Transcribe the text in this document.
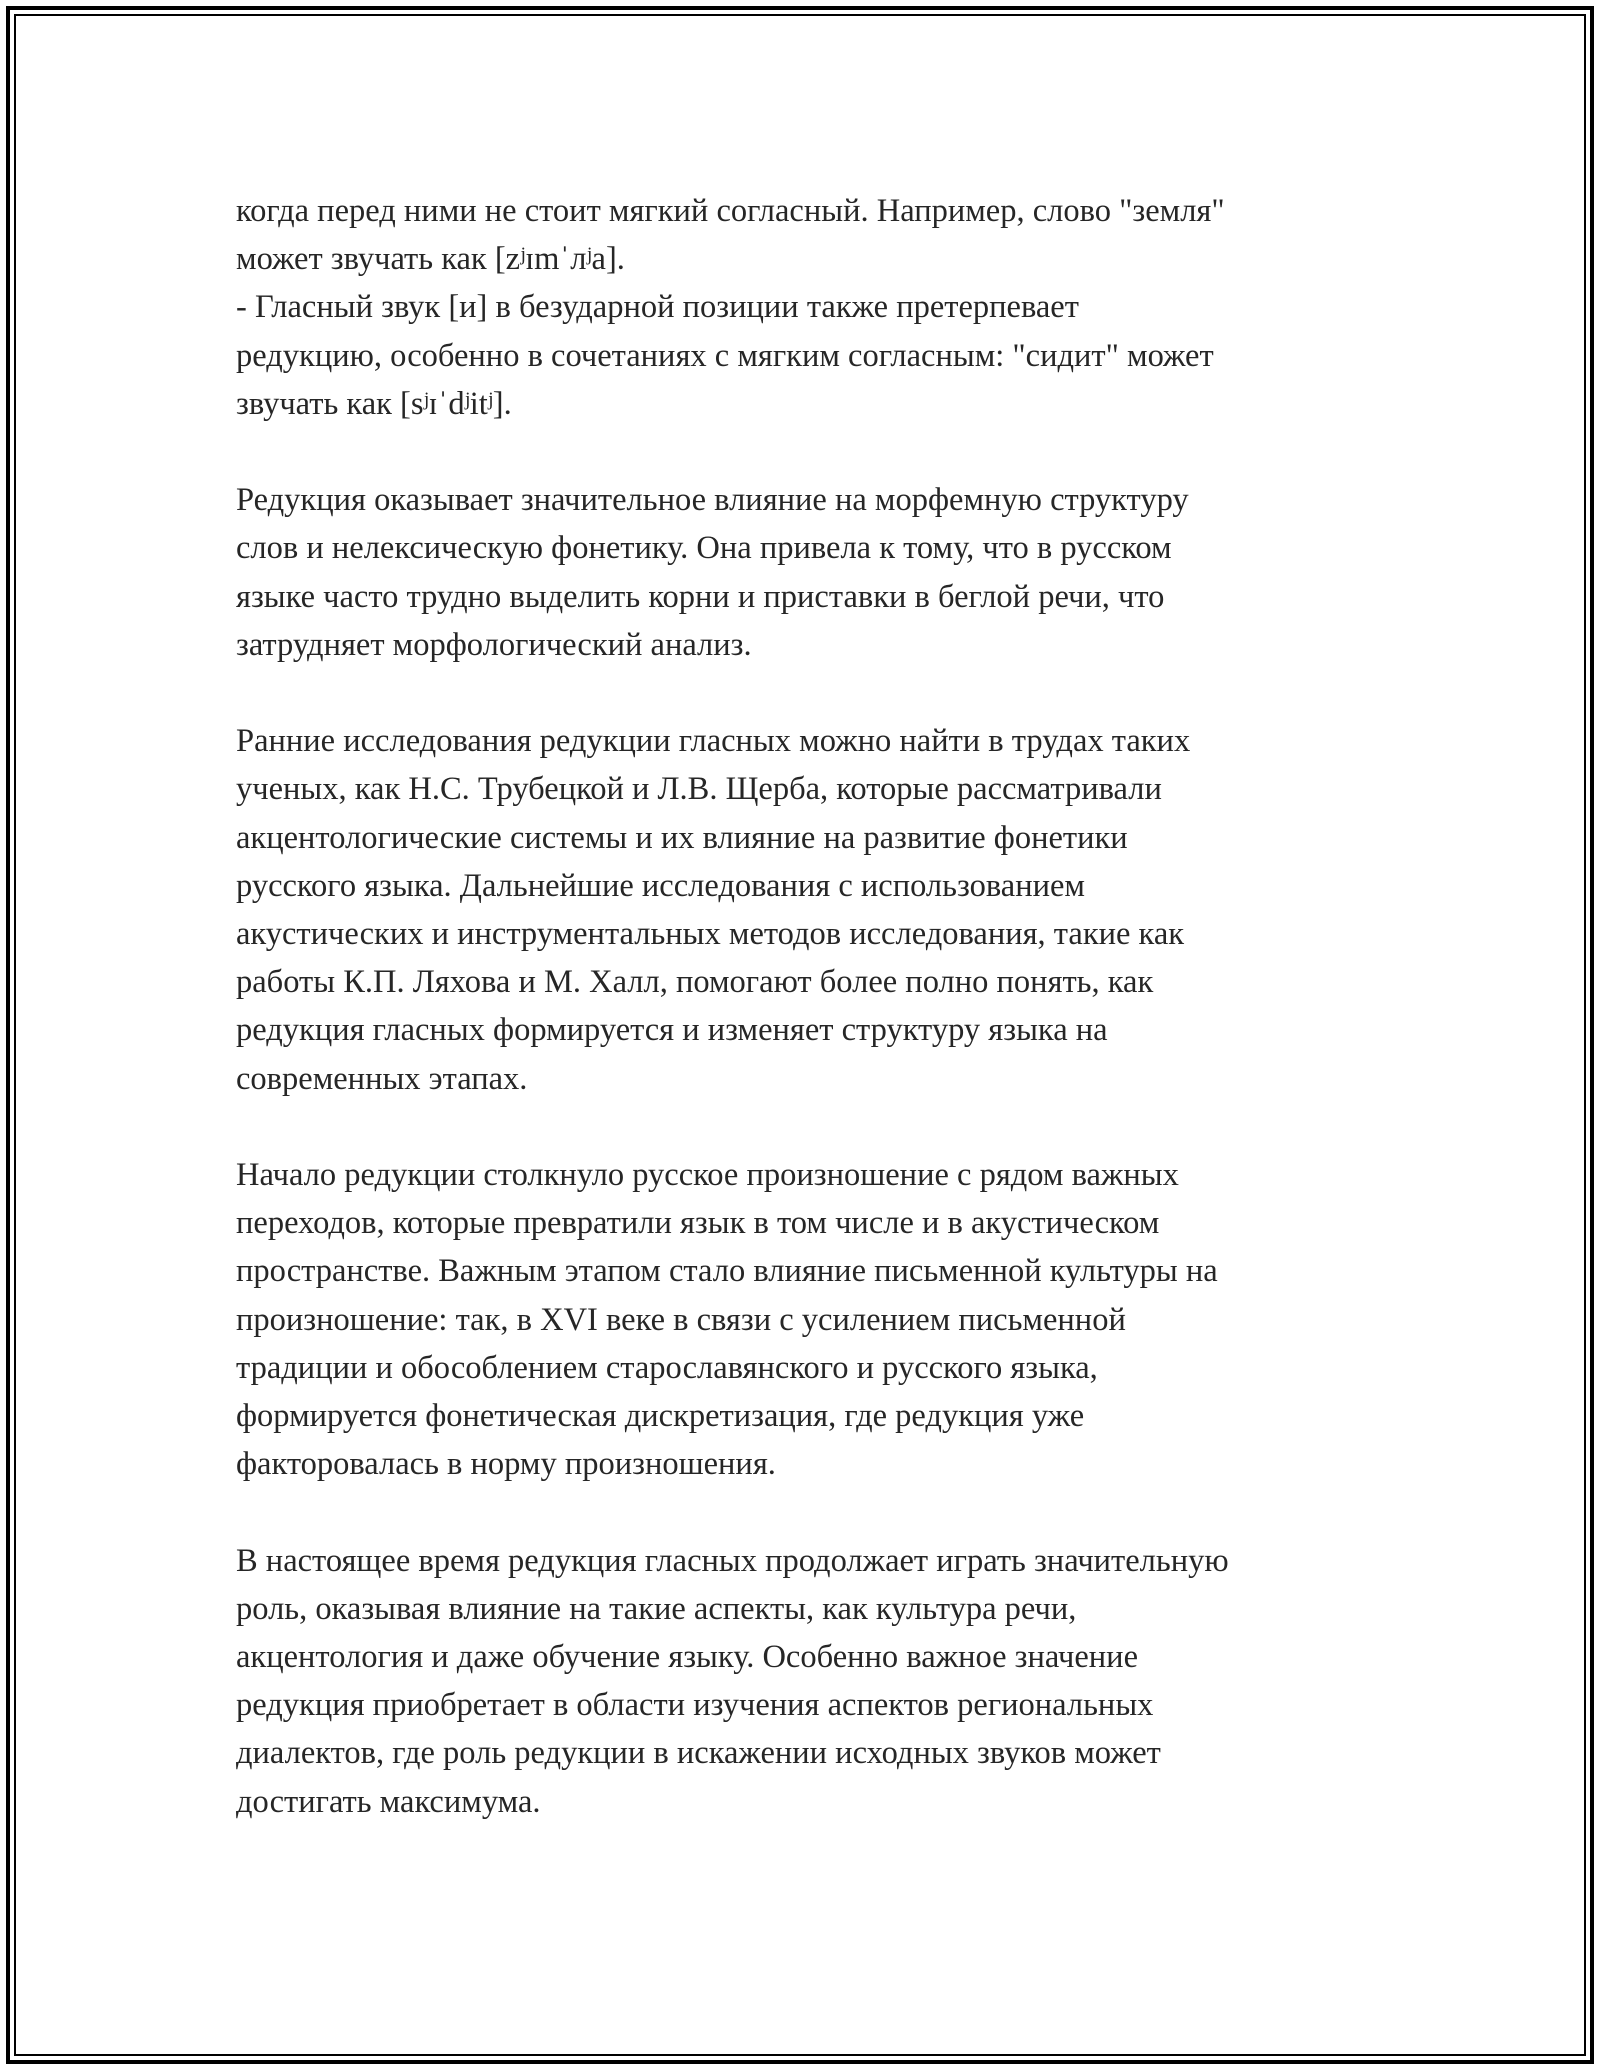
когда перед ними не стоит мягкий согласный. Например, слово "земля"
может звучать как [zʲɪmˈлʲa].
- Гласный звук [и] в безударной позиции также претерпевает
редукцию, особенно в сочетаниях с мягким согласным: "сидит" может
звучать как [sʲɪˈdʲitʲ].

Редукция оказывает значительное влияние на морфемную структуру
слов и нелексическую фонетику. Она привела к тому, что в русском
языке часто трудно выделить корни и приставки в беглой речи, что
затрудняет морфологический анализ.

Ранние исследования редукции гласных можно найти в трудах таких
ученых, как Н.С. Трубецкой и Л.В. Щерба, которые рассматривали
акцентологические системы и их влияние на развитие фонетики
русского языка. Дальнейшие исследования с использованием
акустических и инструментальных методов исследования, такие как
работы К.П. Ляхова и М. Халл, помогают более полно понять, как
редукция гласных формируется и изменяет структуру языка на
современных этапах.

Начало редукции столкнуло русское произношение с рядом важных
переходов, которые превратили язык в том числе и в акустическом
пространстве. Важным этапом стало влияние письменной культуры на
произношение: так, в XVI веке в связи с усилением письменной
традиции и обособлением старославянского и русского языка,
формируется фонетическая дискретизация, где редукция уже
факторовалась в норму произношения.

В настоящее время редукция гласных продолжает играть значительную
роль, оказывая влияние на такие аспекты, как культура речи,
акцентология и даже обучение языку. Особенно важное значение
редукция приобретает в области изучения аспектов региональных
диалектов, где роль редукции в искажении исходных звуков может
достигать максимума.
